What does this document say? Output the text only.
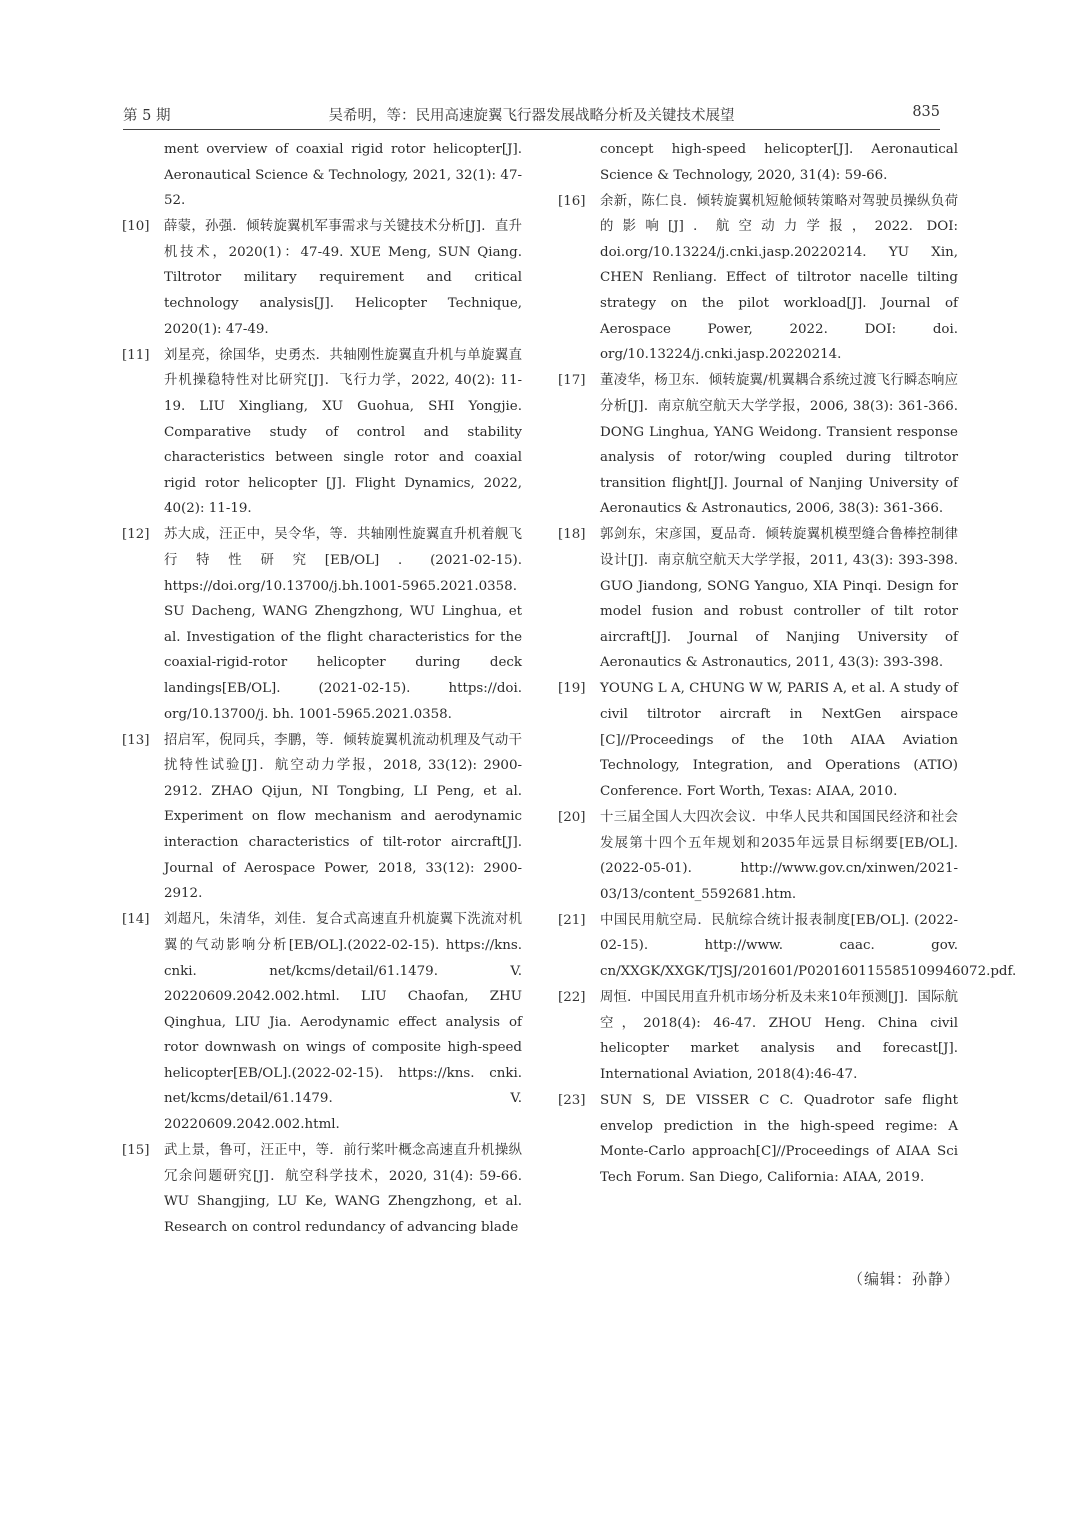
第 5 期	吴希明，等：民用高速旋翼飞行器发展战略分析及关键技术展望	835
ment overview of coaxial rigid rotor helicopter[J]. Aeronautical Science & Technology, 2021, 32(1): 47-52.
[10] 薛蒙，孙强．倾转旋翼机军事需求与关键技术分析[J]．直升机技术，2020(1)：47-49. XUE Meng, SUN Qiang. Tiltrotor military requirement and critical technology analysis[J]. Helicopter Technique, 2020(1): 47-49.
[11] 刘星亮，徐国华，史勇杰．共轴刚性旋翼直升机与单旋翼直升机操稳特性对比研究[J]．飞行力学，2022, 40(2): 11-19. LIU Xingliang, XU Guohua, SHI Yongjie. Comparative study of control and stability characteristics between single rotor and coaxial rigid rotor helicopter [J]. Flight Dynamics, 2022, 40(2): 11-19.
[12] 苏大成，汪正中，吴令华，等．共轴刚性旋翼直升机着舰飞行特性研究[EB/OL]．(2021-02-15). https://doi.org/10.13700/j.bh.1001-5965.2021.0358. SU Dacheng, WANG Zhengzhong, WU Linghua, et al. Investigation of the flight characteristics for the coaxial-rigid-rotor helicopter during deck landings[EB/OL]. (2021-02-15). https://doi. org/10.13700/j. bh. 1001-5965.2021.0358.
[13] 招启军，倪同兵，李鹏，等．倾转旋翼机流动机理及气动干扰特性试验[J]．航空动力学报，2018, 33(12): 2900-2912. ZHAO Qijun, NI Tongbing, LI Peng, et al. Experiment on flow mechanism and aerodynamic interaction characteristics of tilt-rotor aircraft[J]. Journal of Aerospace Power, 2018, 33(12): 2900-2912.
[14] 刘超凡，朱清华，刘佳．复合式高速直升机旋翼下洗流对机翼的气动影响分析[EB/OL].(2022-02-15). https://kns. cnki. net/kcms/detail/61.1479. V. 20220609.2042.002.html. LIU Chaofan, ZHU Qinghua, LIU Jia. Aerodynamic effect analysis of rotor downwash on wings of composite high-speed helicopter[EB/OL].(2022-02-15). https://kns. cnki. net/kcms/detail/61.1479. V. 20220609.2042.002.html.
[15] 武上景，鲁可，汪正中，等．前行桨叶概念高速直升机操纵冗余问题研究[J]．航空科学技术，2020, 31(4): 59-66. WU Shangjing, LU Ke, WANG Zhengzhong, et al. Research on control redundancy of advancing blade
concept high-speed helicopter[J]. Aeronautical Science & Technology, 2020, 31(4): 59-66.
[16] 余新，陈仁良．倾转旋翼机短舱倾转策略对驾驶员操纵负荷的影响[J]．航空动力学报，2022. DOI: doi.org/10.13224/j.cnki.jasp.20220214. YU Xin, CHEN Renliang. Effect of tiltrotor nacelle tilting strategy on the pilot workload[J]. Journal of Aerospace Power, 2022. DOI: doi. org/10.13224/j.cnki.jasp.20220214.
[17] 董凌华，杨卫东．倾转旋翼/机翼耦合系统过渡飞行瞬态响应分析[J]．南京航空航天大学学报，2006, 38(3): 361-366. DONG Linghua, YANG Weidong. Transient response analysis of rotor/wing coupled during tiltrotor transition flight[J]. Journal of Nanjing University of Aeronautics & Astronautics, 2006, 38(3): 361-366.
[18] 郭剑东，宋彦国，夏品奇．倾转旋翼机模型缝合鲁棒控制律设计[J]．南京航空航天大学学报，2011, 43(3): 393-398. GUO Jiandong, SONG Yanguo, XIA Pinqi. Design for model fusion and robust controller of tilt rotor aircraft[J]. Journal of Nanjing University of Aeronautics & Astronautics, 2011, 43(3): 393-398.
[19] YOUNG L A, CHUNG W W, PARIS A, et al. A study of civil tiltrotor aircraft in NextGen airspace [C]//Proceedings of the 10th AIAA Aviation Technology, Integration, and Operations (ATIO) Conference. Fort Worth, Texas: AIAA, 2010.
[20] 十三届全国人大四次会议．中华人民共和国国民经济和社会发展第十四个五年规划和2035年远景目标纲要[EB/OL].(2022-05-01). http://www.gov.cn/xinwen/2021-03/13/content_5592681.htm.
[21] 中国民用航空局．民航综合统计报表制度[EB/OL]. (2022-02-15). http://www. caac. gov. cn/XXGK/XXGK/TJSJ/201601/P020160115585109946072.pdf.
[22] 周恒．中国民用直升机市场分析及未来10年预测[J]．国际航空，2018(4): 46-47. ZHOU Heng. China civil helicopter market analysis and forecast[J]. International Aviation, 2018(4):46-47.
[23] SUN S, DE VISSER C C. Quadrotor safe flight envelop prediction in the high-speed regime: A Monte-Carlo approach[C]//Proceedings of AIAA Sci Tech Forum. San Diego, California: AIAA, 2019.
（编辑：孙静）
